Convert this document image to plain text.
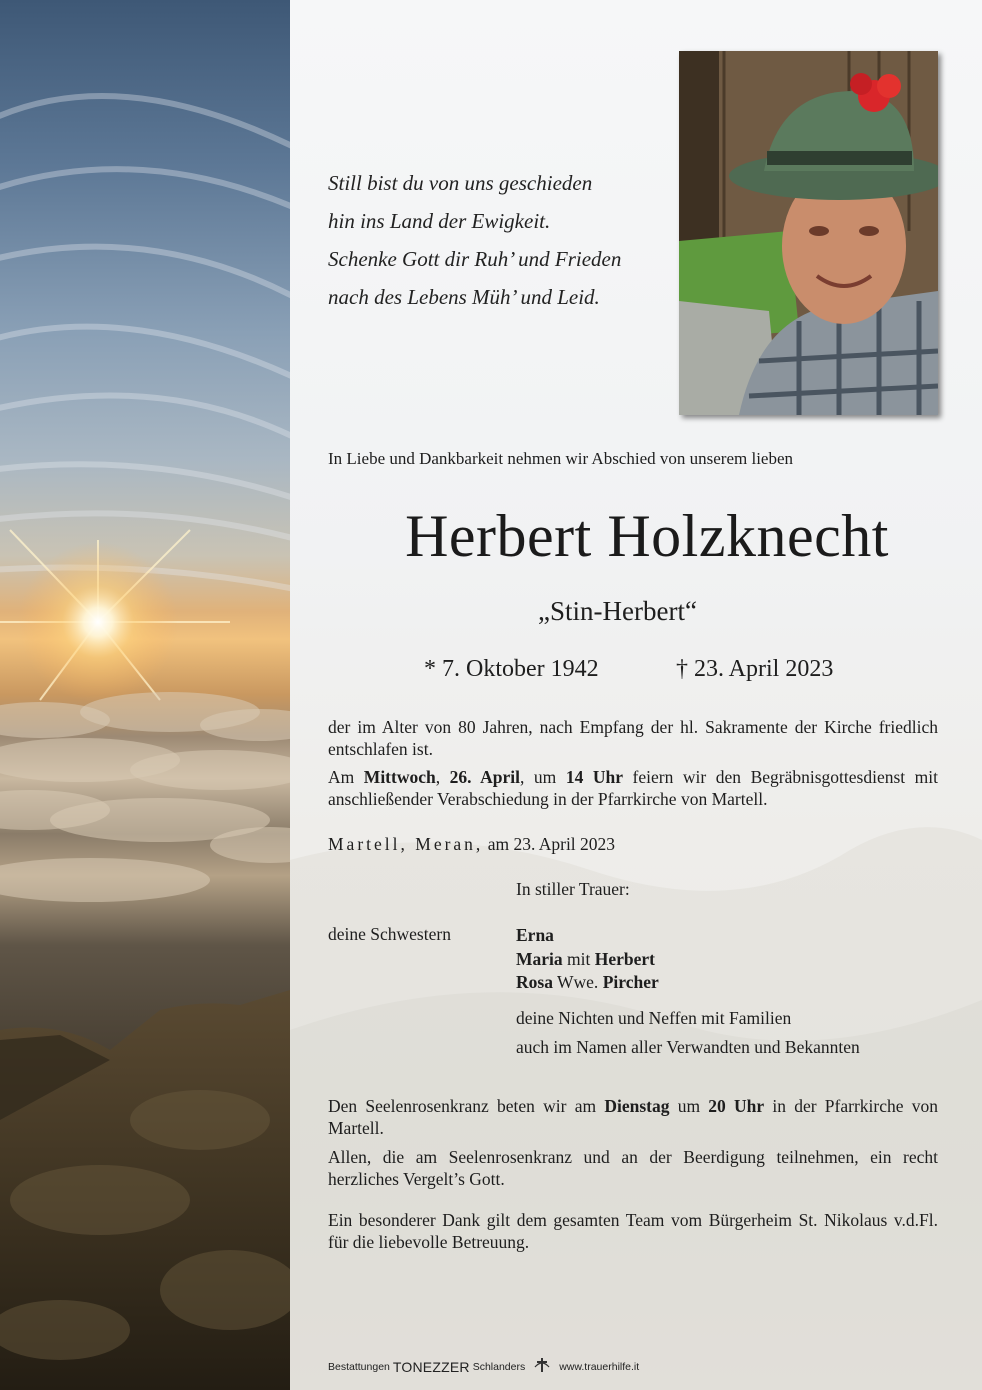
Still bist du von uns geschieden
hin ins Land der Ewigkeit.
Schenke Gott dir Ruh’ und Frieden
nach des Lebens Müh’ und Leid.
In Liebe und Dankbarkeit nehmen wir Abschied von unserem lieben
Herbert Holzknecht
„Stin-Herbert“
* 7. Oktober 1942	† 23. April 2023
der im Alter von 80 Jahren, nach Empfang der hl. Sakramente der Kirche friedlich entschlafen ist.
Am Mittwoch, 26. April, um 14 Uhr feiern wir den Begräbnisgottesdienst mit anschließender Verabschiedung in der Pfarrkirche von Martell.
Martell, Meran, am 23. April 2023
In stiller Trauer:
deine Schwestern	Erna
Maria mit Herbert
Rosa Wwe. Pircher
deine Nichten und Neffen mit Familien
auch im Namen aller Verwandten und Bekannten
Den Seelenrosenkranz beten wir am Dienstag um 20 Uhr in der Pfarrkirche von Martell.
Allen, die am Seelenrosenkranz und an der Beerdigung teilnehmen, ein recht herzliches Vergelt’s Gott.
Ein besonderer Dank gilt dem gesamten Team vom Bürgerheim St. Nikolaus v.d.Fl. für die liebevolle Betreuung.
Bestattungen TONEZZER Schlanders	www.trauerhilfe.it
